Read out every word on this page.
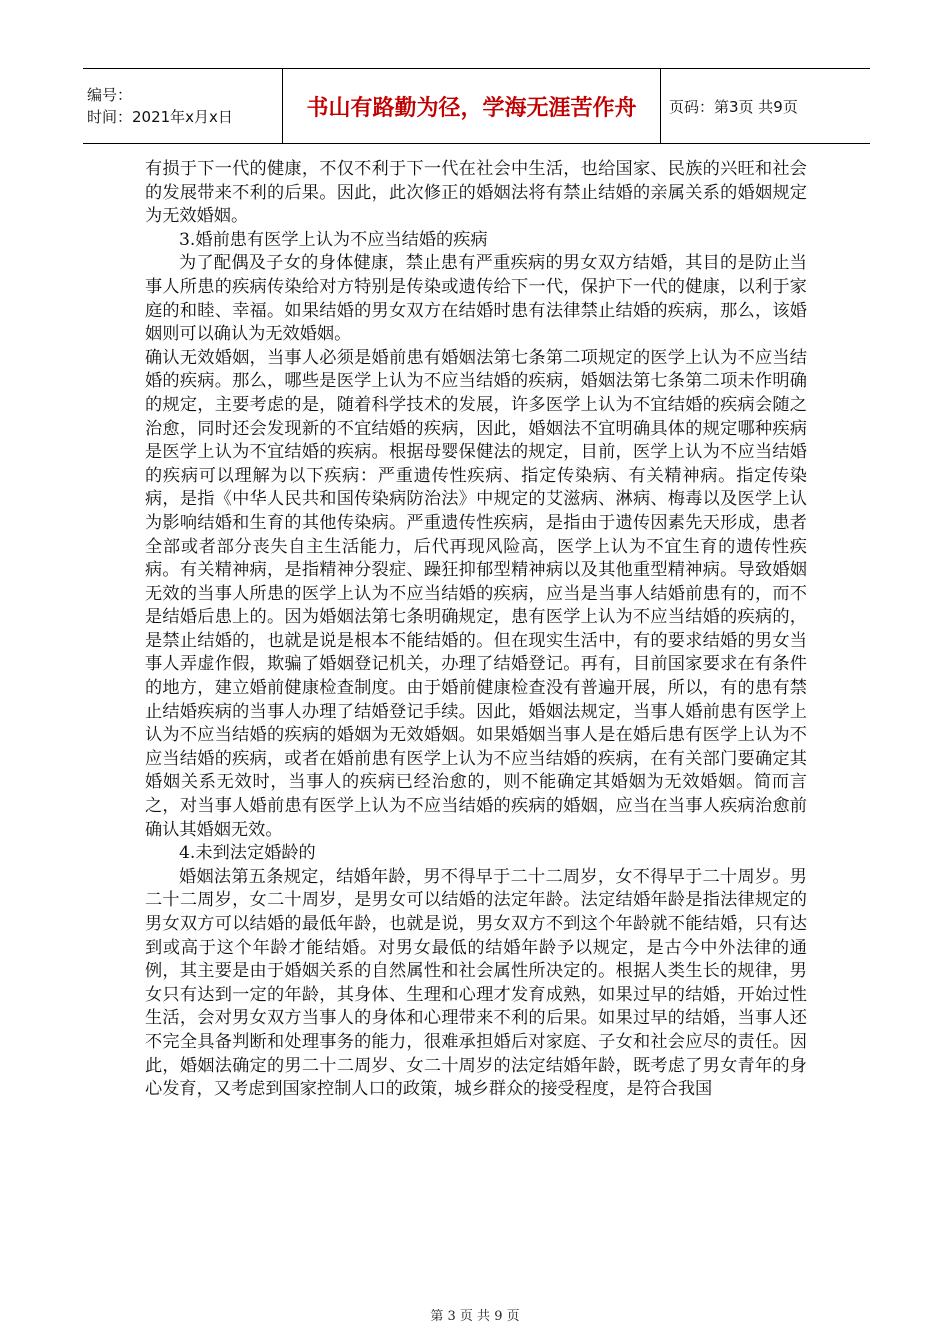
编号：
时间：2021年x月x日	书山有路勤为径，学海无涯苦作舟	页码：第3页 共9页

有损于下一代的健康，不仅不利于下一代在社会中生活，也给国家、民族的兴旺和社会的发展带来不利的后果。因此，此次修正的婚姻法将有禁止结婚的亲属关系的婚姻规定为无效婚姻。

3.婚前患有医学上认为不应当结婚的疾病

为了配偶及子女的身体健康，禁止患有严重疾病的男女双方结婚，其目的是防止当事人所患的疾病传染给对方特别是传染或遗传给下一代，保护下一代的健康，以利于家庭的和睦、幸福。如果结婚的男女双方在结婚时患有法律禁止结婚的疾病，那么，该婚姻则可以确认为无效婚姻。

确认无效婚姻，当事人必须是婚前患有婚姻法第七条第二项规定的医学上认为不应当结婚的疾病。那么，哪些是医学上认为不应当结婚的疾病，婚姻法第七条第二项未作明确的规定，主要考虑的是，随着科学技术的发展，许多医学上认为不宜结婚的疾病会随之治愈，同时还会发现新的不宜结婚的疾病，因此，婚姻法不宜明确具体的规定哪种疾病是医学上认为不宜结婚的疾病。根据母婴保健法的规定，目前，医学上认为不应当结婚的疾病可以理解为以下疾病：严重遗传性疾病、指定传染病、有关精神病。指定传染病，是指《中华人民共和国传染病防治法》中规定的艾滋病、淋病、梅毒以及医学上认为影响结婚和生育的其他传染病。严重遗传性疾病，是指由于遗传因素先天形成，患者全部或者部分丧失自主生活能力，后代再现风险高，医学上认为不宜生育的遗传性疾病。有关精神病，是指精神分裂症、躁狂抑郁型精神病以及其他重型精神病。导致婚姻无效的当事人所患的医学上认为不应当结婚的疾病，应当是当事人结婚前患有的，而不是结婚后患上的。因为婚姻法第七条明确规定，患有医学上认为不应当结婚的疾病的，是禁止结婚的，也就是说是根本不能结婚的。但在现实生活中，有的要求结婚的男女当事人弄虚作假，欺骗了婚姻登记机关，办理了结婚登记。再有，目前国家要求在有条件的地方，建立婚前健康检查制度。由于婚前健康检查没有普遍开展，所以，有的患有禁止结婚疾病的当事人办理了结婚登记手续。因此，婚姻法规定，当事人婚前患有医学上认为不应当结婚的疾病的婚姻为无效婚姻。如果婚姻当事人是在婚后患有医学上认为不应当结婚的疾病，或者在婚前患有医学上认为不应当结婚的疾病，在有关部门要确定其婚姻关系无效时，当事人的疾病已经治愈的，则不能确定其婚姻为无效婚姻。简而言之，对当事人婚前患有医学上认为不应当结婚的疾病的婚姻，应当在当事人疾病治愈前确认其婚姻无效。

4.未到法定婚龄的

婚姻法第五条规定，结婚年龄，男不得早于二十二周岁，女不得早于二十周岁。男二十二周岁，女二十周岁，是男女可以结婚的法定年龄。法定结婚年龄是指法律规定的男女双方可以结婚的最低年龄，也就是说，男女双方不到这个年龄就不能结婚，只有达到或高于这个年龄才能结婚。对男女最低的结婚年龄予以规定，是古今中外法律的通例，其主要是由于婚姻关系的自然属性和社会属性所决定的。根据人类生长的规律，男女只有达到一定的年龄，其身体、生理和心理才发育成熟，如果过早的结婚，开始过性生活，会对男女双方当事人的身体和心理带来不利的后果。如果过早的结婚，当事人还不完全具备判断和处理事务的能力，很难承担婚后对家庭、子女和社会应尽的责任。因此，婚姻法确定的男二十二周岁、女二十周岁的法定结婚年龄，既考虑了男女青年的身心发育，又考虑到国家控制人口的政策，城乡群众的接受程度，是符合我国

第 3 页 共 9 页
